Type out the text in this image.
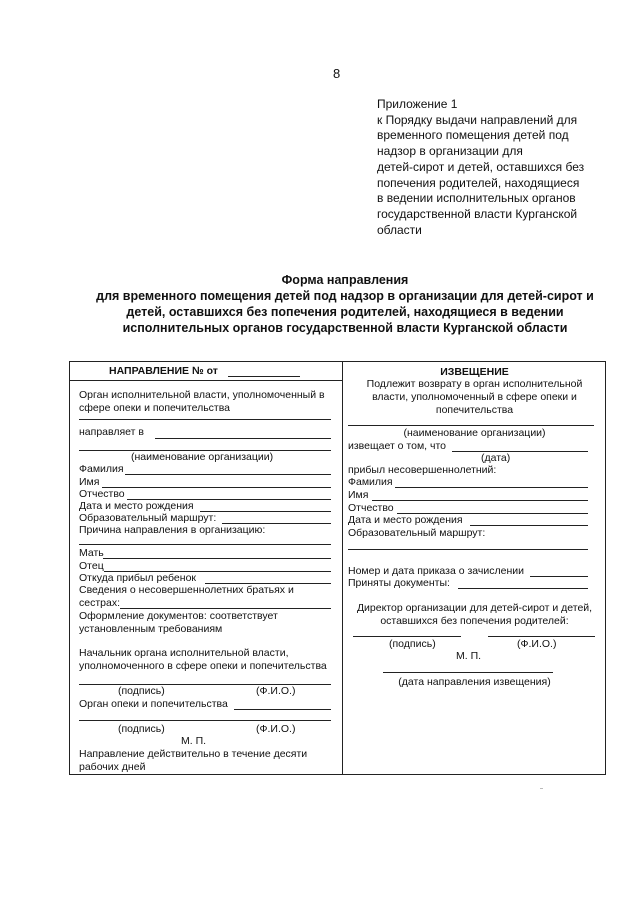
8
Приложение 1
к Порядку выдачи направлений для
временного помещения детей под
надзор в организации для
детей-сирот и детей, оставшихся без
попечения родителей, находящиеся
в ведении исполнительных органов
государственной власти Курганской
области
Форма направления
для временного помещения детей под надзор в организации для детей-сирот и
детей, оставшихся без попечения родителей, находящиеся в ведении
исполнительных органов государственной власти Курганской области
НАПРАВЛЕНИЕ № от
Орган исполнительной власти, уполномоченный в
сфере опеки и попечительства
направляет в
(наименование организации)
Фамилия
Имя
Отчество
Дата и место рождения
Образовательный маршрут:
Причина направления в организацию:
Мать
Отец
Откуда прибыл ребенок
Сведения о несовершеннолетних братьях и
сестрах:
Оформление документов: соответствует
установленным требованиям
Начальник органа исполнительной власти,
уполномоченного в сфере опеки и попечительства
(подпись)	(Ф.И.О.)
Орган опеки и попечительства
(подпись)	(Ф.И.О.)
М. П.
Направление действительно в течение десяти
рабочих дней
ИЗВЕЩЕНИЕ
Подлежит возврату в орган исполнительной
власти, уполномоченный в сфере опеки и
попечительства
(наименование организации)
извещает о том, что
(дата)
прибыл несовершеннолетний:
Фамилия
Имя
Отчество
Дата и место рождения
Образовательный маршрут:
Номер и дата приказа о зачислении
Приняты документы:
Директор организации для детей-сирот и детей,
оставшихся без попечения родителей:
(подпись)	(Ф.И.О.)
М. П.
(дата направления извещения)
